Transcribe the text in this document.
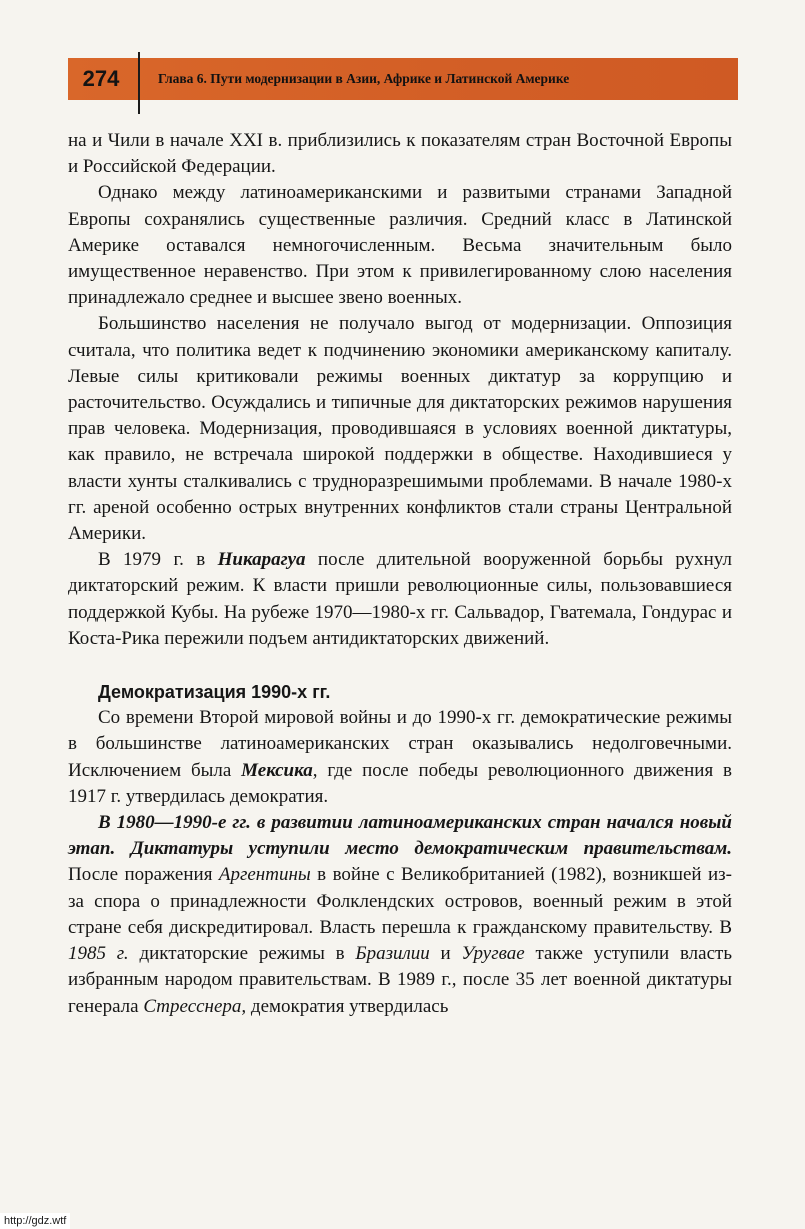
274	Глава 6. Пути модернизации в Азии, Африке и Латинской Америке

на и Чили в начале XXI в. приблизились к показателям стран Восточной Европы и Российской Федерации.

Однако между латиноамериканскими и развитыми странами Западной Европы сохранялись существенные различия. Средний класс в Латинской Америке оставался немногочисленным. Весьма значительным было имущественное неравенство. При этом к привилегированному слою населения принадлежало среднее и высшее звено военных.

Большинство населения не получало выгод от модернизации. Оппозиция считала, что политика ведет к подчинению экономики американскому капиталу. Левые силы критиковали режимы военных диктатур за коррупцию и расточительство. Осуждались и типичные для диктаторских режимов нарушения прав человека. Модернизация, проводившаяся в условиях военной диктатуры, как правило, не встречала широкой поддержки в обществе. Находившиеся у власти хунты сталкивались с трудноразрешимыми проблемами. В начале 1980-х гг. ареной особенно острых внутренних конфликтов стали страны Центральной Америки.

В 1979 г. в Никарагуа после длительной вооруженной борьбы рухнул диктаторский режим. К власти пришли революционные силы, пользовавшиеся поддержкой Кубы. На рубеже 1970—1980-х гг. Сальвадор, Гватемала, Гондурас и Коста-Рика пережили подъем антидиктаторских движений.

Демократизация 1990-х гг.

Со времени Второй мировой войны и до 1990-х гг. демократические режимы в большинстве латиноамериканских стран оказывались недолговечными. Исключением была Мексика, где после победы революционного движения в 1917 г. утвердилась демократия.

В 1980—1990-е гг. в развитии латиноамериканских стран начался новый этап. Диктатуры уступили место демократическим правительствам. После поражения Аргентины в войне с Великобританией (1982), возникшей из-за спора о принадлежности Фолклендских островов, военный режим в этой стране себя дискредитировал. Власть перешла к гражданскому правительству. В 1985 г. диктаторские режимы в Бразилии и Уругвае также уступили власть избранным народом правительствам. В 1989 г., после 35 лет военной диктатуры генерала Стресснера, демократия утвердилась

http://gdz.wtf
